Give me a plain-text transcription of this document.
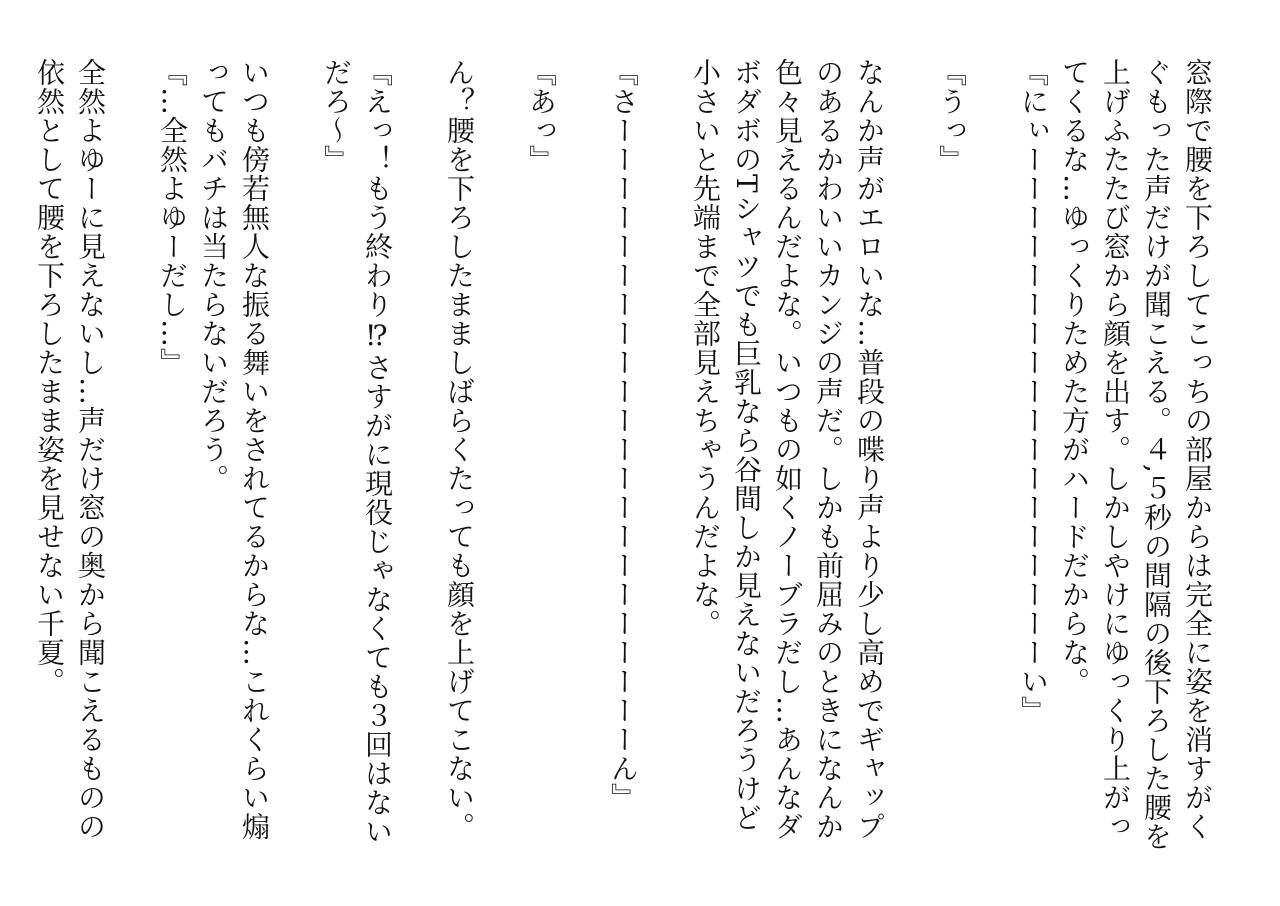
窓際で腰を下ろしてこっちの部屋からは完全に姿を消すがくぐもった声だけが聞こえる。４,５秒の間隔の後下ろした腰を上げふたたび窓から顔を出す。しかしやけにゆっくり上がってくるな…ゆっくりためた方がハードだからな。

『にぃーーーーーーーーーーーーーーーーーーい』

『うっ』

なんか声がエロいな…普段の喋り声より少し高めでギャップのあるかわいいカンジの声だ。しかも前屈みのときになんか色々見えるんだよな。いつもの如くノーブラだし…あんなダボダボのTシャツでも巨乳なら谷間しか見えないだろうけど小さいと先端まで全部見えちゃうんだよな。

『さーーーーーーーーーーーーーーーーーーーーーーん』

『あっ』

ん？腰を下ろしたまましばらくたっても顔を上げてこない。

『えっ！もう終わり⁉さすがに現役じゃなくても３回はないだろ～』

いつも傍若無人な振る舞いをされてるからな…これくらい煽ってもバチは当たらないだろう。

『…全然よゆーだし…』

全然よゆーに見えないし…声だけ窓の奥から聞こえるものの依然として腰を下ろしたまま姿を見せない千夏。
